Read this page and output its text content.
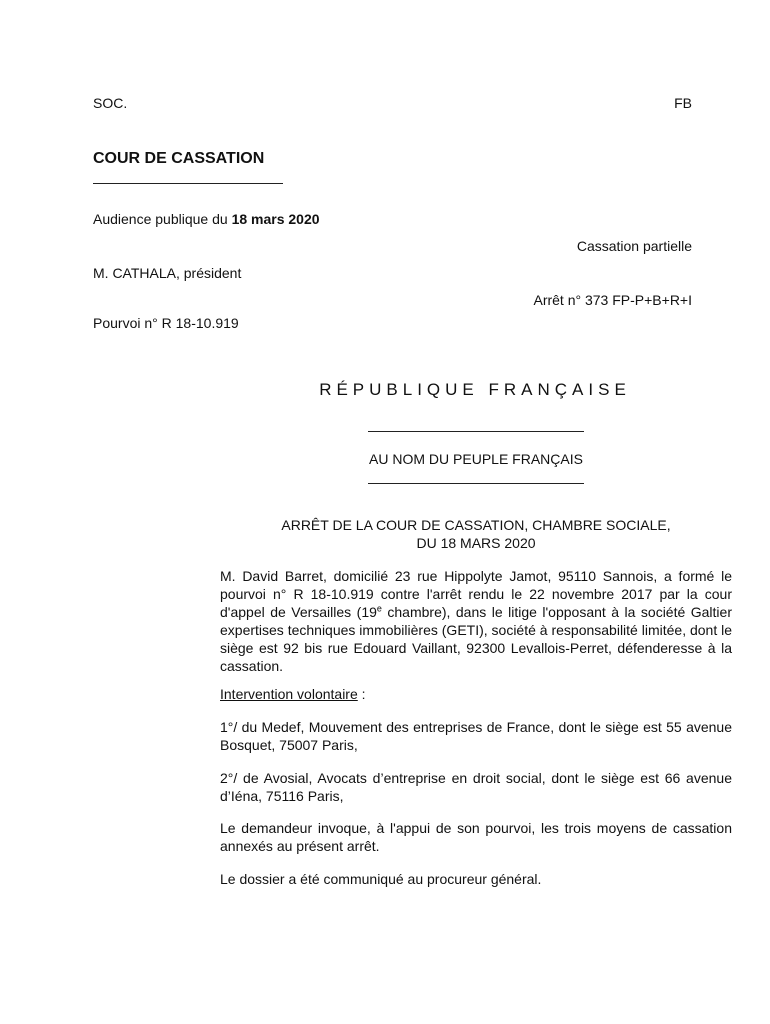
SOC.	FB
COUR DE CASSATION
Audience publique du 18 mars 2020
Cassation partielle
M. CATHALA, président
Arrêt n° 373 FP-P+B+R+I
Pourvoi n° R 18-10.919
RÉPUBLIQUE FRANÇAISE
AU NOM DU PEUPLE FRANÇAIS
ARRÊT DE LA COUR DE CASSATION, CHAMBRE SOCIALE,
DU 18 MARS 2020
M. David Barret, domicilié 23 rue Hippolyte Jamot, 95110 Sannois, a formé le pourvoi n° R 18-10.919 contre l'arrêt rendu le 22 novembre 2017 par la cour d'appel de Versailles (19e chambre), dans le litige l'opposant à la société Galtier expertises techniques immobilières (GETI), société à responsabilité limitée, dont le siège est 92 bis rue Edouard Vaillant, 92300 Levallois-Perret, défenderesse à la cassation.
Intervention volontaire :
1°/ du Medef, Mouvement des entreprises de France, dont le siège est 55 avenue Bosquet, 75007 Paris,
2°/ de Avosial, Avocats d’entreprise en droit social, dont le siège est 66 avenue d’Iéna, 75116 Paris,
Le demandeur invoque, à l'appui de son pourvoi, les trois moyens de cassation annexés au présent arrêt.
Le dossier a été communiqué au procureur général.
